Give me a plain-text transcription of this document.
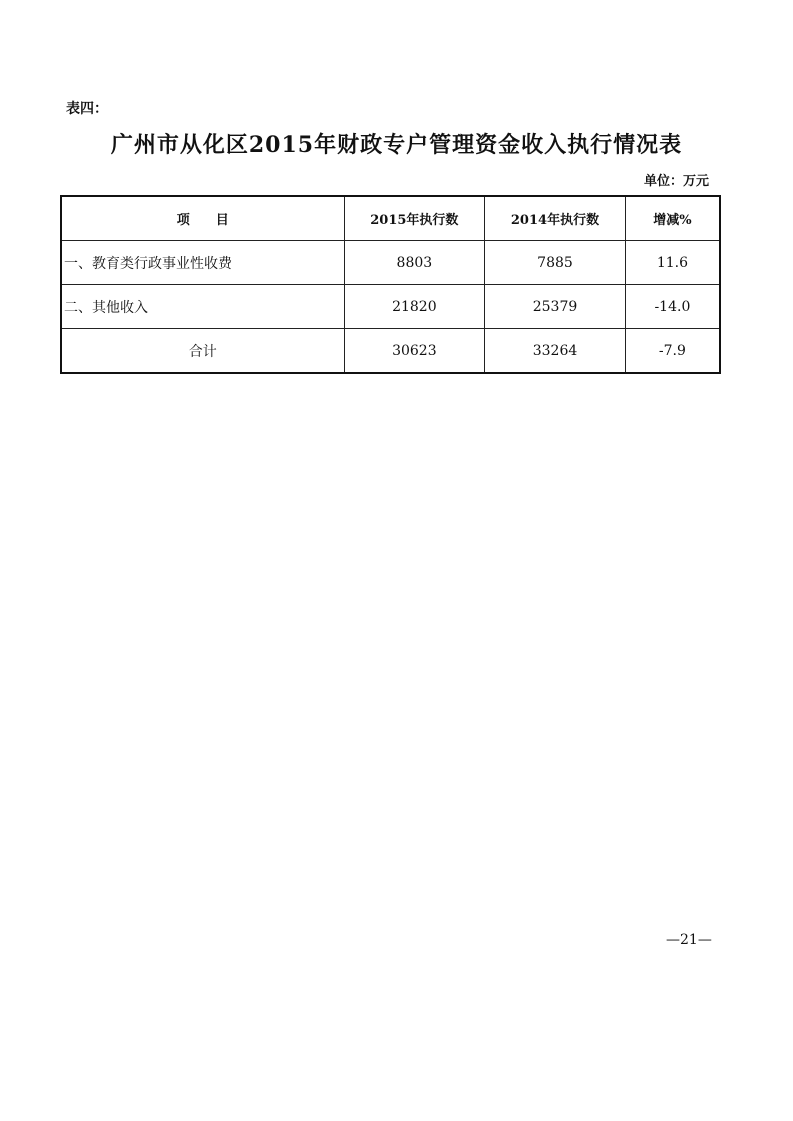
表四：
广州市从化区2015年财政专户管理资金收入执行情况表
单位：万元
项　　目	2015年执行数	2014年执行数	增减%
一、教育类行政事业性收费	8803	7885	11.6
二、其他收入	21820	25379	-14.0
合计	30623	33264	-7.9
—21—
